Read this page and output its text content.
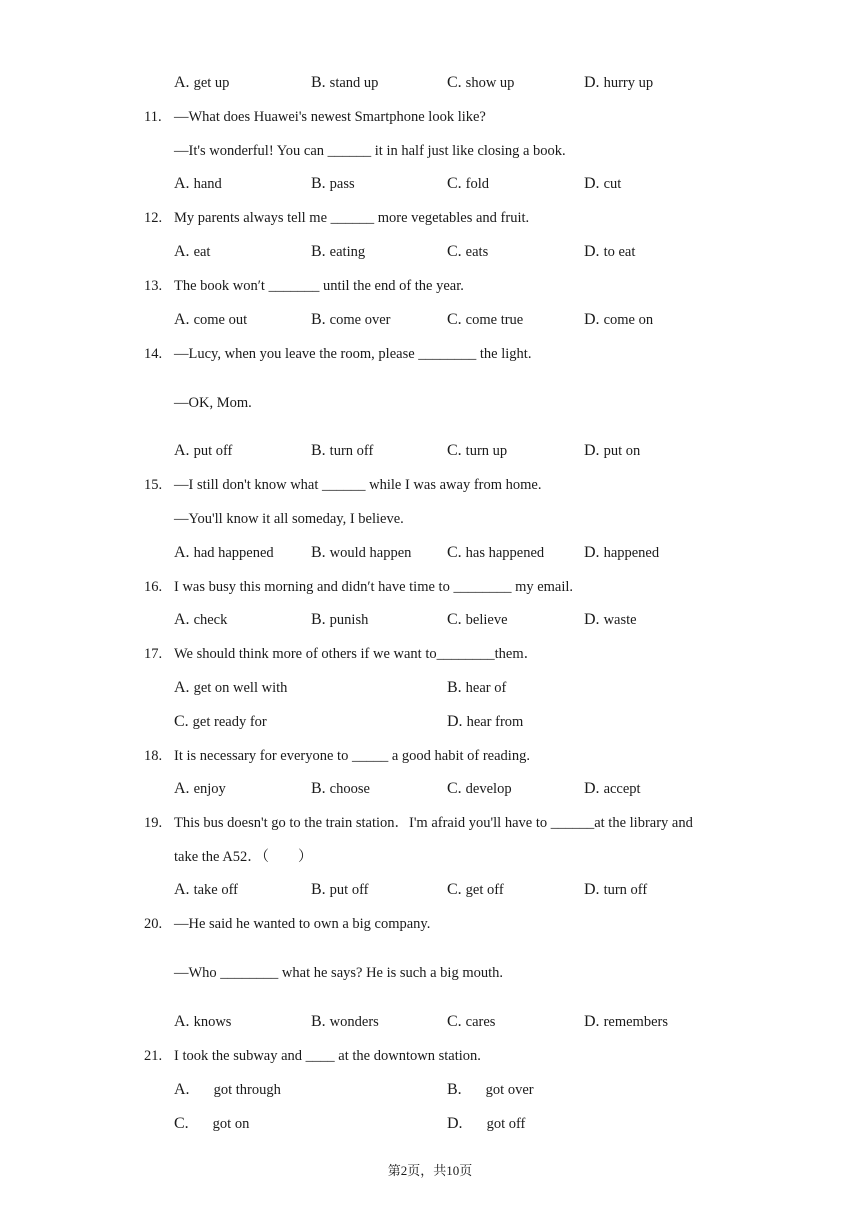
A. get up	B. stand up	C. show up	D. hurry up
11. —What does Huawei's newest Smartphone look like?
—It's wonderful! You can ______ it in half just like closing a book.
A. hand	B. pass	C. fold	D. cut
12. My parents always tell me ______ more vegetables and fruit.
A. eat	B. eating	C. eats	D. to eat
13. The book wonʹt _______ until the end of the year.
A. come out	B. come over	C. come true	D. come on
14. —Lucy, when you leave the room, please ________ the light.
—OK, Mom.
A. put off	B. turn off	C. turn up	D. put on
15. —I still don't know what ______ while I was away from home.
—You'll know it all someday, I believe.
A. had happened B. would happen C. has happened D. happened
16. I was busy this morning and didnʹt have time to ________ my email.
A. check	B. punish	C. believe	D. waste
17. We should think more of others if we want to________them．
A. get on well with	B. hear of
C. get ready for	D. hear from
18. It is necessary for everyone to _____ a good habit of reading.
A. enjoy	B. choose	C. develop	D. accept
19. This bus doesn't go to the train station．I'm afraid you'll have to ______at the library and
take the A52．（        ）
A. take off	B. put off	C. get off	D. turn off
20. —He said he wanted to own a big company.
—Who ________ what he says? He is such a big mouth.
A. knows	B. wonders	C. cares	D. remembers
21. I took the subway and ____ at the downtown station.
A. got through	B. got over
C. got on	D. got off
第2页，共10页
